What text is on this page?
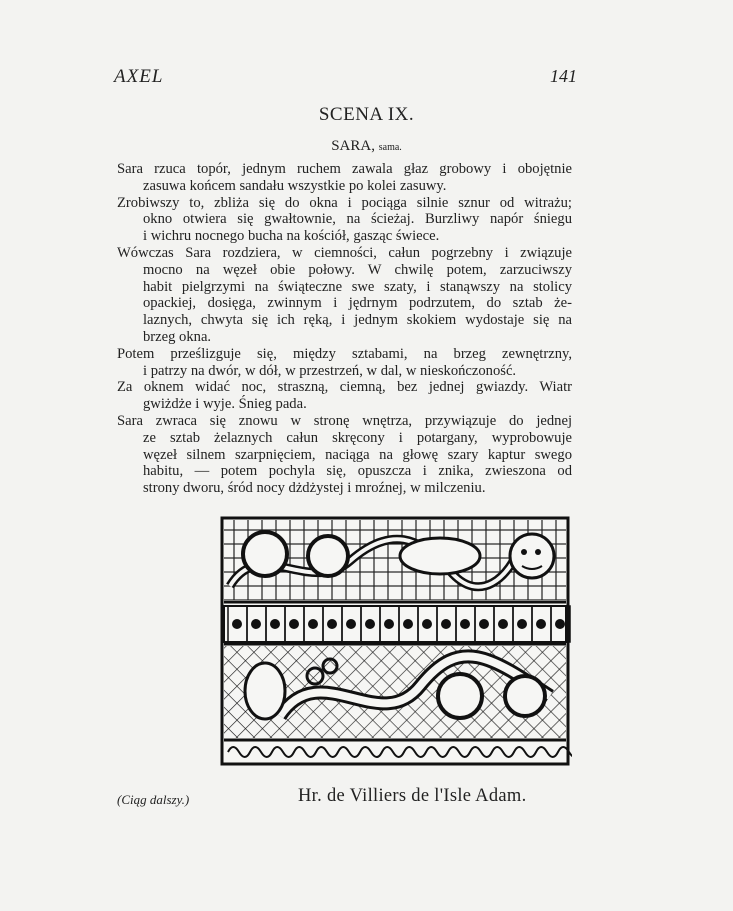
AXEL	141
SCENA IX.
SARA, sama.
Sara rzuca topór, jednym ruchem zawala głaz grobowy i obojętnie
zasuwa końcem sandału wszystkie po kolei zasuwy.
Zrobiwszy to, zbliża się do okna i pociąga silnie sznur od witrażu;
okno otwiera się gwałtownie, na ścieżaj. Burzliwy napór śniegu
i wichru nocnego bucha na kościół, gasząc świece.
Wówczas Sara rozdziera, w ciemności, całun pogrzebny i związuje
mocno na węzeł obie połowy. W chwilę potem, zarzuciwszy
habit pielgrzymi na świąteczne swe szaty, i stanąwszy na stolicy
opackiej, dosięga, zwinnym i jędrnym podrzutem, do sztab że-
laznych, chwyta się ich ręką, i jednym skokiem wydostaje się na
brzeg okna.
Potem prześlizguje się, między sztabami, na brzeg zewnętrzny,
i patrzy na dwór, w dół, w przestrzeń, w dal, w nieskończoność.
Za oknem widać noc, straszną, ciemną, bez jednej gwiazdy. Wiatr
gwiżdże i wyje. Śnieg pada.
Sara zwraca się znowu w stronę wnętrza, przywiązuje do jednej
ze sztab żelaznych całun skręcony i potargany, wyprobowuje
węzeł silnem szarpnięciem, naciąga na głowę szary kaptur swego
habitu, — potem pochyla się, opuszcza i znika, zwieszona od
strony dworu, śród nocy dżdżystej i mroźnej, w milczeniu.
(Ciąg dalszy.)	Hr. de Villiers de l'Isle Adam.
